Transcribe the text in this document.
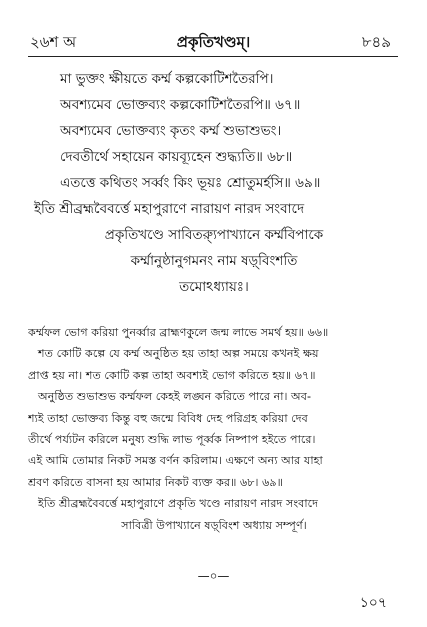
প্রকৃতিখণ্ডম্।
২৬শ অ	৮৪৯
মা ভুক্তং ক্ষীয়তে কর্ম্ম কল্পকোটিশতৈরপি।
অবশ্যমেব ভোক্তব্যং কল্পকোটিশতৈরপি॥ ৬৭॥
অবশ্যমেব ভোক্তব্যং কৃতং কর্ম্ম শুভাশুভং।
দেবতীর্থে সহায়েন কায়ব্যূহেন শুদ্ধ্যতি॥ ৬৮॥
এতত্তে কথিতং সর্ব্বং কিং ভূয়ঃ শ্রোতুমর্হসি॥ ৬৯॥
ইতি শ্রীব্রহ্মবৈবর্ত্তে মহাপুরাণে নারায়ণ নারদ সংবাদে
প্রকৃতিখণ্ডে সাবিত্র্যুপাখ্যানে কর্ম্মবিপাকে
কর্ম্মানুষ্ঠানুগমনং নাম ষড়্‌বিংশতি
তমোঽধ্যায়ঃ।
কর্ম্মফল ভোগ করিয়া পুনর্ব্বার ব্রাহ্মণকুলে জন্ম লাভে সমর্থ হয়॥ ৬৬॥
শত কোটি কল্পে যে কর্ম্ম অনুষ্ঠিত হয় তাহা অল্প সময়ে কখনই ক্ষয়
প্রাপ্ত হয় না। শত কোটি কল্প তাহা অবশ্যই ভোগ করিতে হয়॥ ৬৭॥
অনুষ্ঠিত শুভাশুভ কর্ম্মফল কেহই লঙ্ঘন করিতে পারে না। অব-
শ্যই তাহা ভোক্তব্য কিন্তু বহু জন্মে বিবিধ দেহ পরিগ্রহ করিয়া দেব
তীর্থে পর্য্যটন করিলে মনুষ্য শুদ্ধি লাভ পূর্ব্বক নিষ্পাপ হইতে পারে।
এই আমি তোমার নিকট সমস্ত বর্ণন করিলাম। এক্ষণে অন্য আর যাহা
শ্রবণ করিতে বাসনা হয় আমার নিকট ব্যক্ত কর॥ ৬৮। ৬৯॥
ইতি শ্রীব্রহ্মবৈবর্ত্তে মহাপুরাণে প্রকৃতি খণ্ডে নারায়ণ নারদ সংবাদে
সাবিত্রী উপাখ্যানে ষড়্‌বিংশ অধ্যায় সম্পূর্ণ।
—০—
১০৭
